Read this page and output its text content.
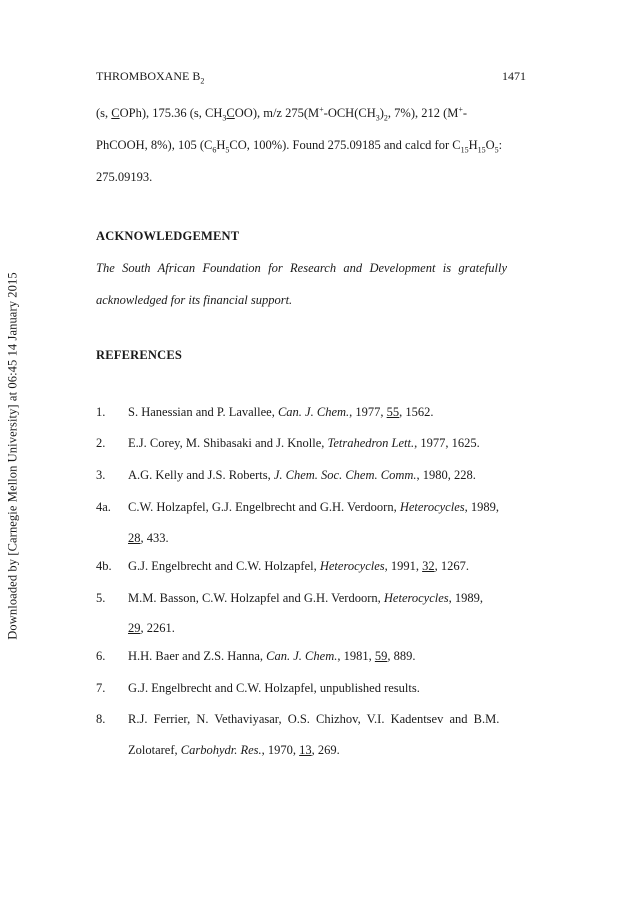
Downloaded by [Carnegie Mellon University] at 06:45 14 January 2015
THROMBOXANE $B_2$	1471
(s, COPh), 175.36 (s, $CH_3COO$), m/z $275(M^+-OCH(CH_3)_2$, 7%), 212 (M+-
PhCOOH, 8%), 105 ($C_6H_5CO$, 100%). Found 275.09185 and calcd for $C_{15}H_{15}O_5$:
275.09193.
ACKNOWLEDGEMENT
The South African Foundation for Research and Development is gratefully
acknowledged for its financial support.
REFERENCES
1. S. Hanessian and P. Lavallee, Can. J. Chem., 1977, 55, 1562.
2. E.J. Corey, M. Shibasaki and J. Knolle, Tetrahedron Lett., 1977, 1625.
3. A.G. Kelly and J.S. Roberts, J. Chem. Soc. Chem. Comm., 1980, 228.
4a. C.W. Holzapfel, G.J. Engelbrecht and G.H. Verdoorn, Heterocycles, 1989,
28, 433.
4b. G.J. Engelbrecht and C.W. Holzapfel, Heterocycles, 1991, 32, 1267.
5. M.M. Basson, C.W. Holzapfel and G.H. Verdoorn, Heterocycles, 1989,
29, 2261.
6. H.H. Baer and Z.S. Hanna, Can. J. Chem., 1981, 59, 889.
7. G.J. Engelbrecht and C.W. Holzapfel, unpublished results.
8. R.J. Ferrier, N. Vethaviyasar, O.S. Chizhov, V.I. Kadentsev and B.M.
Zolotaref, Carbohydr. Res., 1970, 13, 269.
